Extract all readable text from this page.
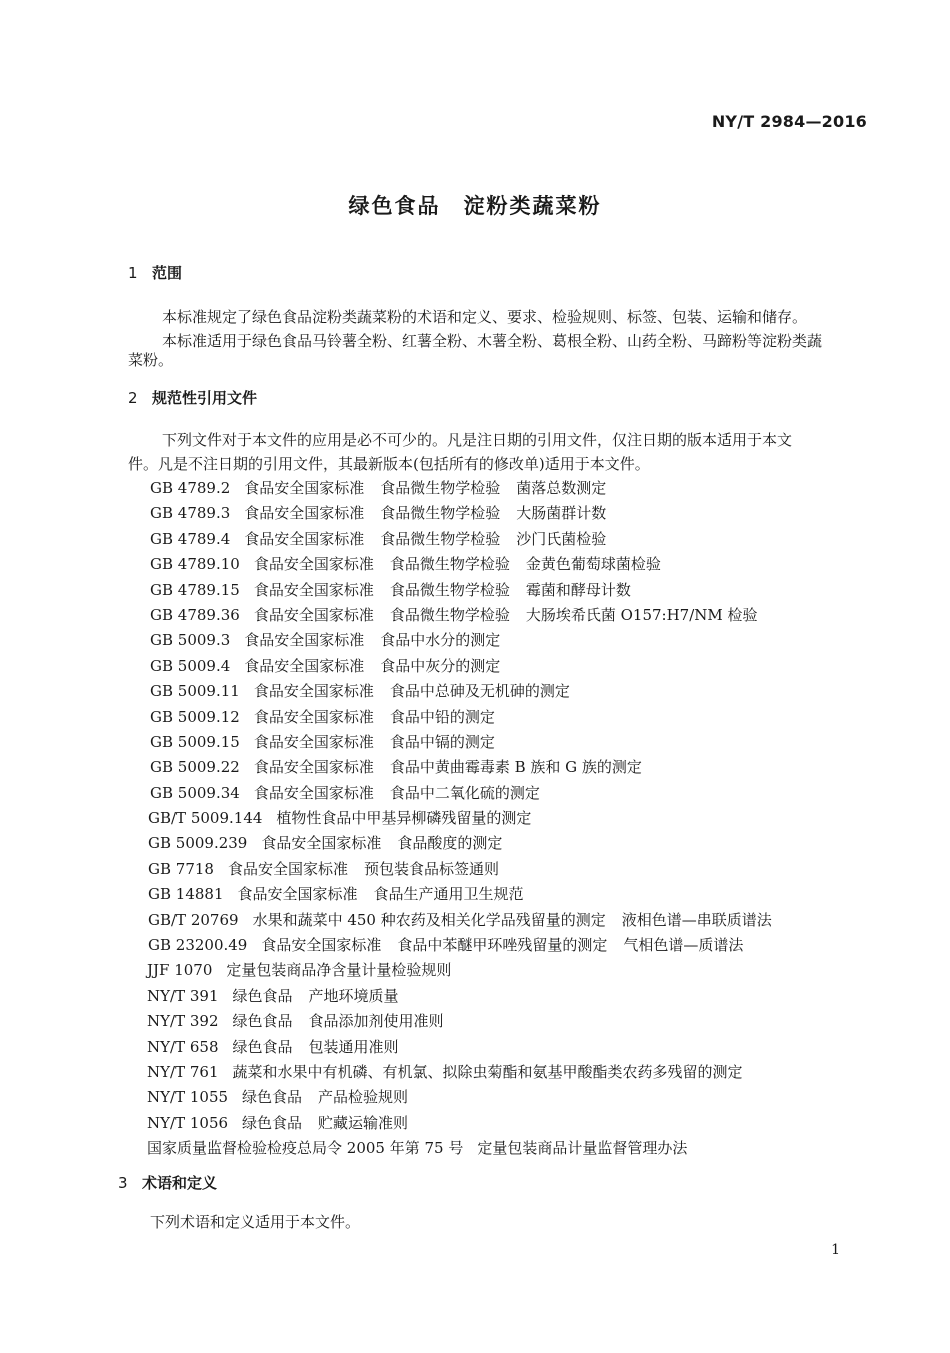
NY/T 2984—2016
绿色食品　淀粉类蔬菜粉
1 范围
本标准规定了绿色食品淀粉类蔬菜粉的术语和定义、要求、检验规则、标签、包装、运输和储存。
本标准适用于绿色食品马铃薯全粉、红薯全粉、木薯全粉、葛根全粉、山药全粉、马蹄粉等淀粉类蔬
菜粉。
2 规范性引用文件
下列文件对于本文件的应用是必不可少的。凡是注日期的引用文件，仅注日期的版本适用于本文
件。凡是不注日期的引用文件，其最新版本(包括所有的修改单)适用于本文件。
GB 4789.2 食品安全国家标准 食品微生物学检验 菌落总数测定
GB 4789.3 食品安全国家标准 食品微生物学检验 大肠菌群计数
GB 4789.4 食品安全国家标准 食品微生物学检验 沙门氏菌检验
GB 4789.10 食品安全国家标准 食品微生物学检验 金黄色葡萄球菌检验
GB 4789.15 食品安全国家标准 食品微生物学检验 霉菌和酵母计数
GB 4789.36 食品安全国家标准 食品微生物学检验 大肠埃希氏菌 O157:H7/NM 检验
GB 5009.3 食品安全国家标准 食品中水分的测定
GB 5009.4 食品安全国家标准 食品中灰分的测定
GB 5009.11 食品安全国家标准 食品中总砷及无机砷的测定
GB 5009.12 食品安全国家标准 食品中铅的测定
GB 5009.15 食品安全国家标准 食品中镉的测定
GB 5009.22 食品安全国家标准 食品中黄曲霉毒素 B 族和 G 族的测定
GB 5009.34 食品安全国家标准 食品中二氧化硫的测定
GB/T 5009.144 植物性食品中甲基异柳磷残留量的测定
GB 5009.239 食品安全国家标准 食品酸度的测定
GB 7718 食品安全国家标准 预包装食品标签通则
GB 14881 食品安全国家标准 食品生产通用卫生规范
GB/T 20769 水果和蔬菜中 450 种农药及相关化学品残留量的测定 液相色谱—串联质谱法
GB 23200.49 食品安全国家标准 食品中苯醚甲环唑残留量的测定 气相色谱—质谱法
JJF 1070 定量包装商品净含量计量检验规则
NY/T 391 绿色食品 产地环境质量
NY/T 392 绿色食品 食品添加剂使用准则
NY/T 658 绿色食品 包装通用准则
NY/T 761 蔬菜和水果中有机磷、有机氯、拟除虫菊酯和氨基甲酸酯类农药多残留的测定
NY/T 1055 绿色食品 产品检验规则
NY/T 1056 绿色食品 贮藏运输准则
国家质量监督检验检疫总局令 2005 年第 75 号 定量包装商品计量监督管理办法
3 术语和定义
下列术语和定义适用于本文件。
1
